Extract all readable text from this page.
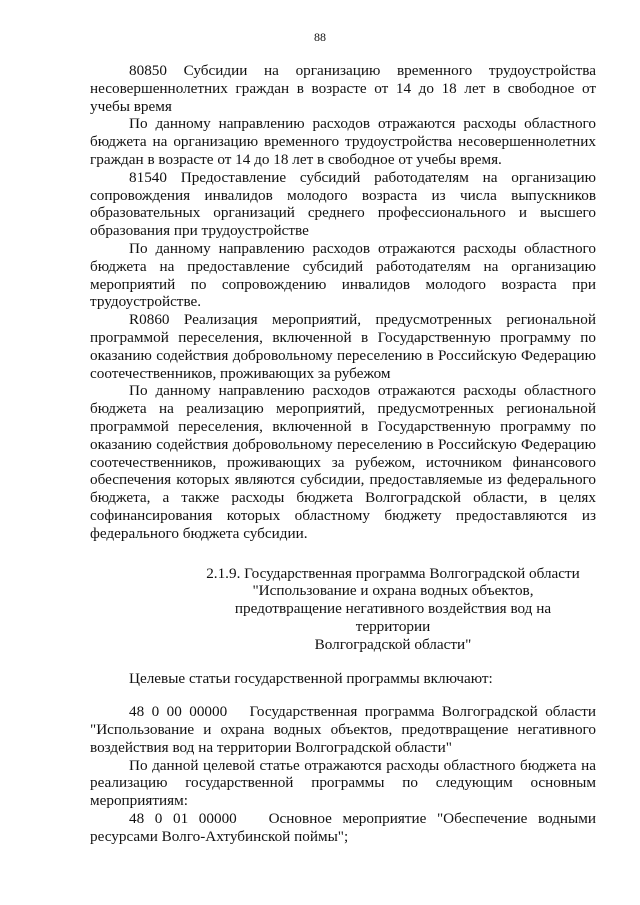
88

80850 Субсидии на организацию временного трудоустройства несовершеннолетних граждан в возрасте от 14 до 18 лет в свободное от учебы время

По данному направлению расходов отражаются расходы областного бюджета на организацию временного трудоустройства несовершеннолетних граждан в возрасте от 14 до 18 лет в свободное от учебы время.

81540 Предоставление субсидий работодателям на организацию сопровождения инвалидов молодого возраста из числа выпускников образовательных организаций среднего профессионального и высшего образования при трудоустройстве

По данному направлению расходов отражаются расходы областного бюджета на предоставление субсидий работодателям на организацию мероприятий по сопровождению инвалидов молодого возраста при трудоустройстве.

R0860 Реализация мероприятий, предусмотренных региональной программой переселения, включенной в Государственную программу по оказанию содействия добровольному переселению в Российскую Федерацию соотечественников, проживающих за рубежом

По данному направлению расходов отражаются расходы областного бюджета на реализацию мероприятий, предусмотренных региональной программой переселения, включенной в Государственную программу по оказанию содействия добровольному переселению в Российскую Федерацию соотечественников, проживающих за рубежом, источником финансового обеспечения которых являются субсидии, предоставляемые из федерального бюджета, а также расходы бюджета Волгоградской области, в целях софинансирования которых областному бюджету предоставляются из федерального бюджета субсидии.

2.1.9. Государственная программа Волгоградской области
"Использование и охрана водных объектов,
предотвращение негативного воздействия вод на
территории
Волгоградской области"

Целевые статьи государственной программы включают:

48 0 00 00000   Государственная программа Волгоградской области "Использование и охрана водных объектов, предотвращение негативного воздействия вод на территории Волгоградской области"

По данной целевой статье отражаются расходы областного бюджета на реализацию государственной программы по следующим основным мероприятиям:

48 0 01 00000   Основное мероприятие "Обеспечение водными ресурсами Волго-Ахтубинской поймы";
